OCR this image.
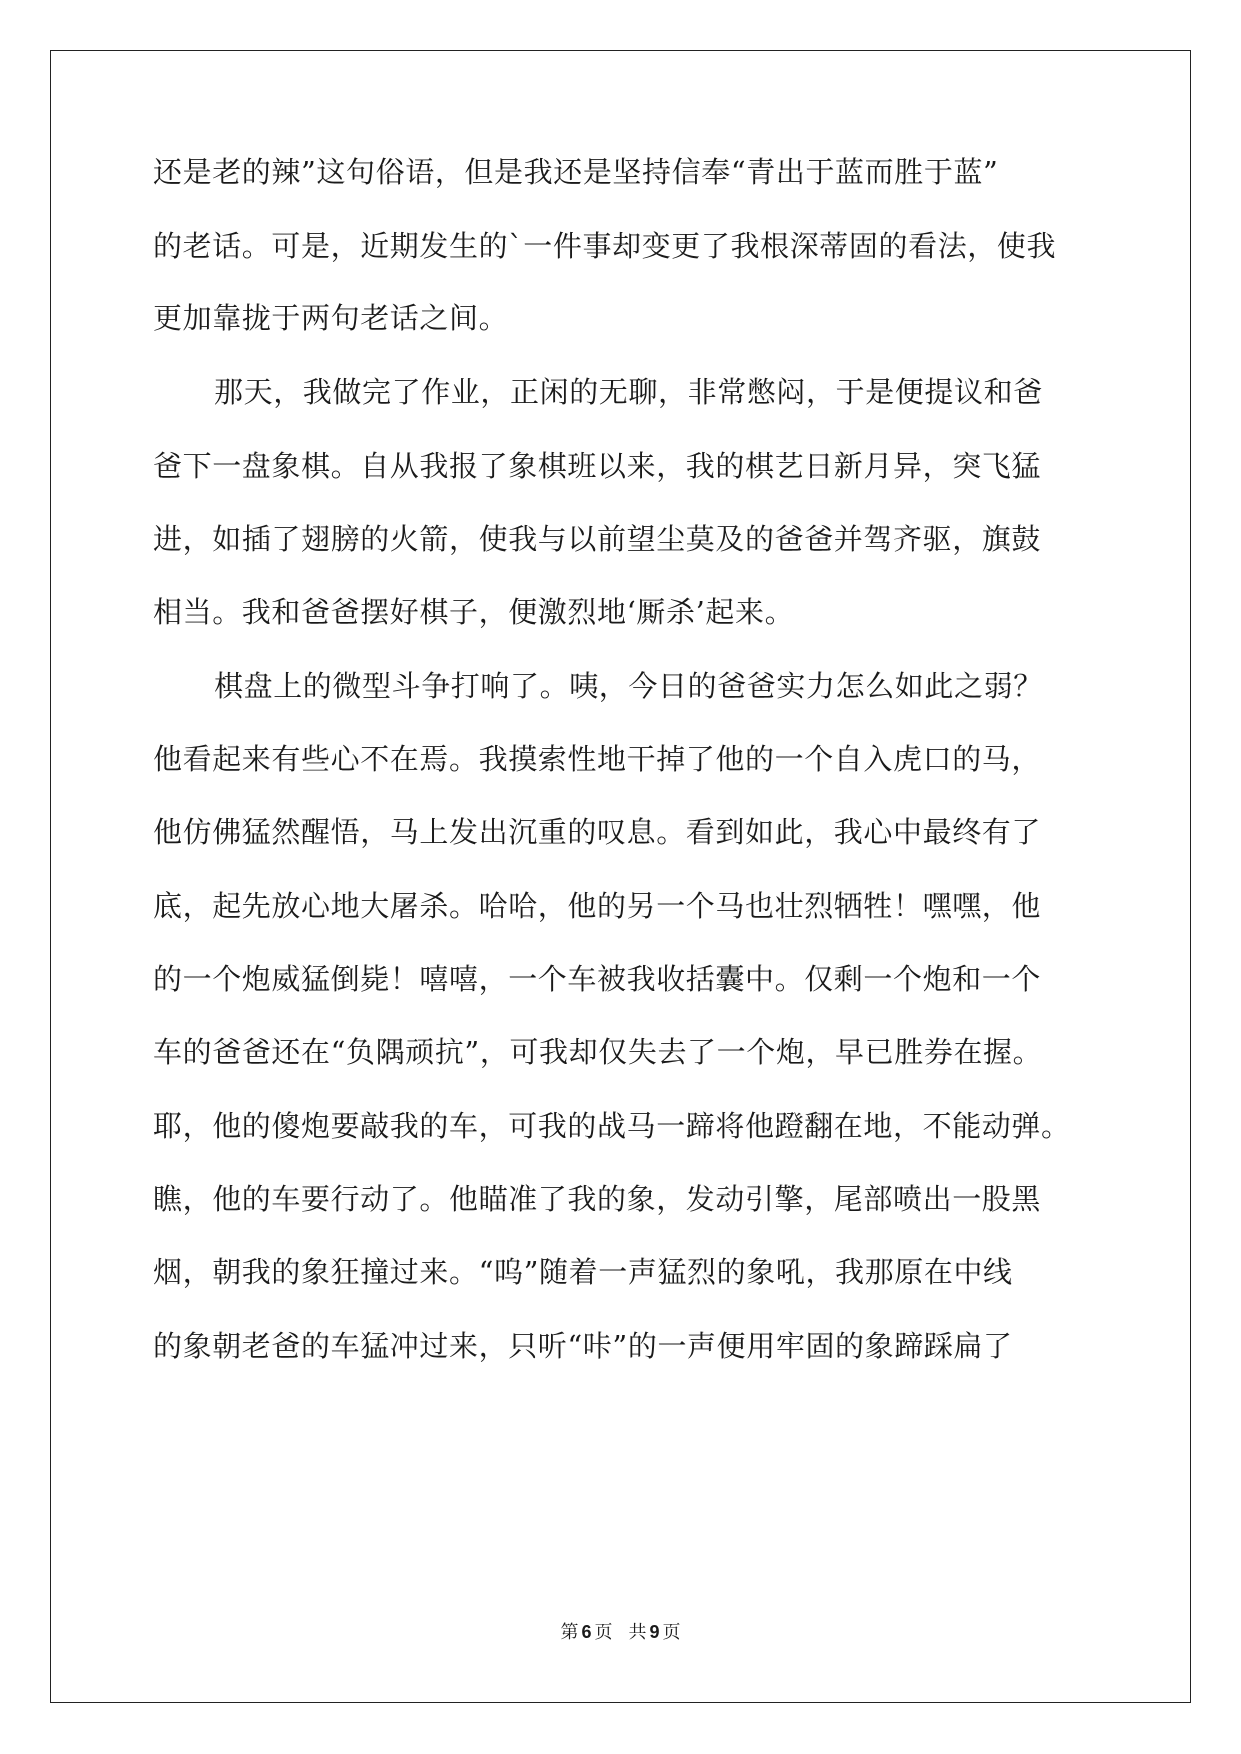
还是老的辣”这句俗语，但是我还是坚持信奉“青出于蓝而胜于蓝”

的老话。可是，近期发生的`一件事却变更了我根深蒂固的看法，使我

更加靠拢于两句老话之间。

那天，我做完了作业，正闲的无聊，非常憋闷，于是便提议和爸

爸下一盘象棋。自从我报了象棋班以来，我的棋艺日新月异，突飞猛

进，如插了翅膀的火箭，使我与以前望尘莫及的爸爸并驾齐驱，旗鼓

相当。我和爸爸摆好棋子，便激烈地‘厮杀’起来。

棋盘上的微型斗争打响了。咦，今日的爸爸实力怎么如此之弱？

他看起来有些心不在焉。我摸索性地干掉了他的一个自入虎口的马，

他仿佛猛然醒悟，马上发出沉重的叹息。看到如此，我心中最终有了

底，起先放心地大屠杀。哈哈，他的另一个马也壮烈牺牲！嘿嘿，他

的一个炮威猛倒毙！嘻嘻，一个车被我收括囊中。仅剩一个炮和一个

车的爸爸还在“负隅顽抗”，可我却仅失去了一个炮，早已胜券在握。

耶，他的傻炮要敲我的车，可我的战马一蹄将他蹬翻在地，不能动弹。

瞧，他的车要行动了。他瞄准了我的象，发动引擎，尾部喷出一股黑

烟，朝我的象狂撞过来。“呜”随着一声猛烈的象吼，我那原在中线

的象朝老爸的车猛冲过来，只听“咔”的一声便用牢固的象蹄踩扁了

第 6 页 共 9 页
